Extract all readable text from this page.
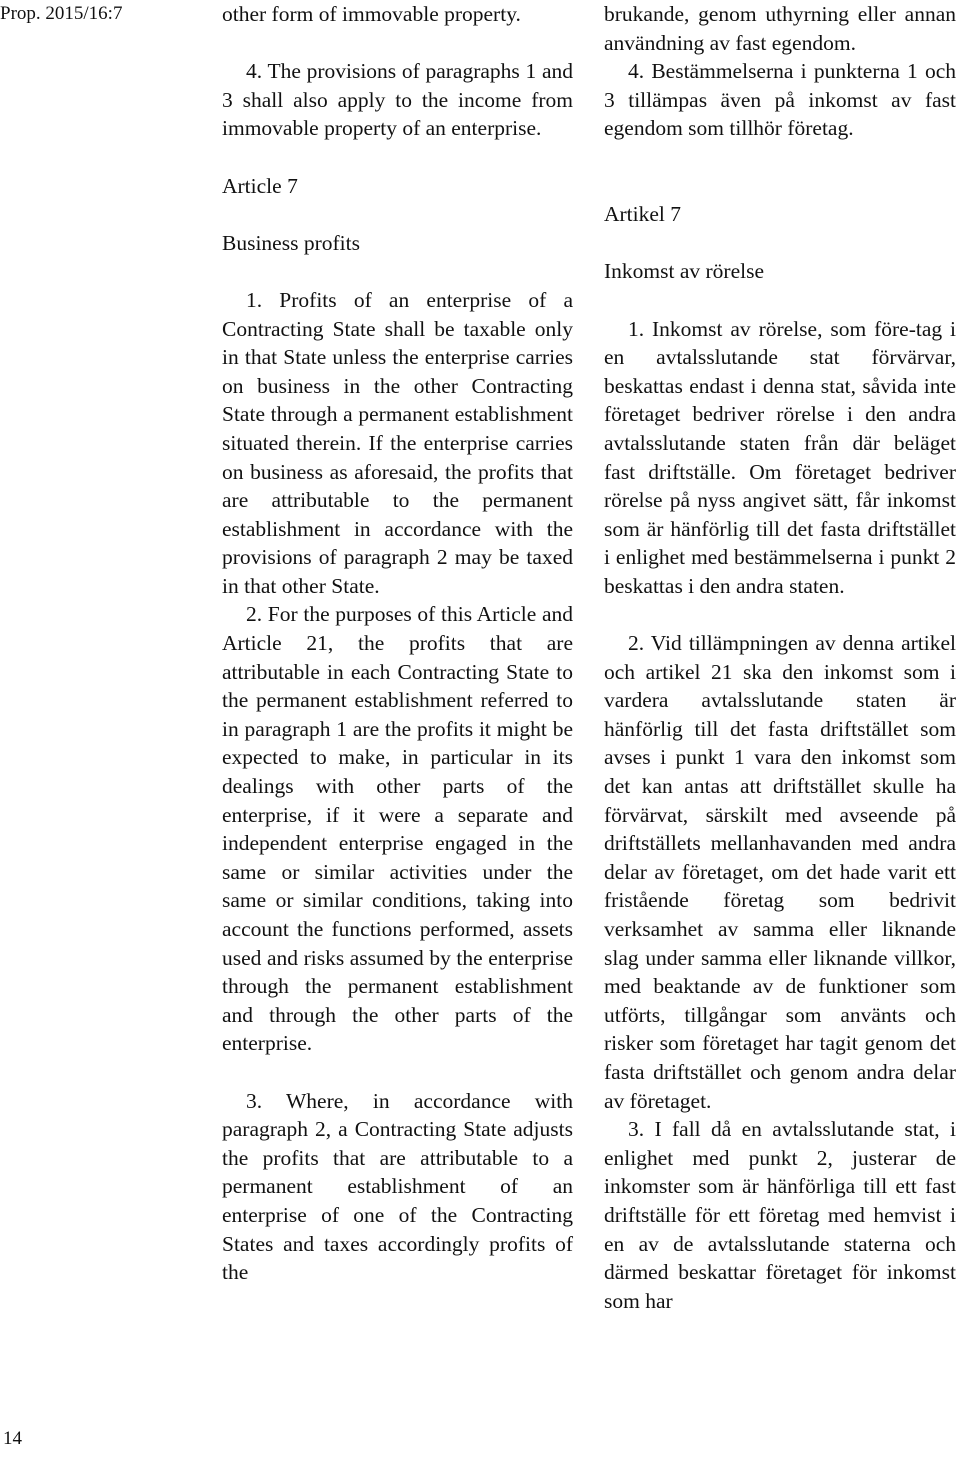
Prop. 2015/16:7
14

other form of immovable property.

4. The provisions of paragraphs 1 and 3 shall also apply to the income from immovable property of an enterprise.

Article 7

Business profits

1. Profits of an enterprise of a Contracting State shall be taxable only in that State unless the enterprise carries on business in the other Contracting State through a permanent establishment situated therein. If the enterprise carries on business as aforesaid, the profits that are attributable to the permanent establishment in accordance with the provisions of paragraph 2 may be taxed in that other State.

2. For the purposes of this Article and Article 21, the profits that are attributable in each Contracting State to the permanent establishment referred to in paragraph 1 are the profits it might be expected to make, in particular in its dealings with other parts of the enterprise, if it were a separate and independent enterprise engaged in the same or similar activities under the same or similar conditions, taking into account the functions performed, assets used and risks assumed by the enterprise through the permanent establishment and through the other parts of the enterprise.

3. Where, in accordance with paragraph 2, a Contracting State adjusts the profits that are attributable to a permanent establishment of an enterprise of one of the Contracting States and taxes accordingly profits of the

brukande, genom uthyrning eller annan användning av fast egendom.

4. Bestämmelserna i punkterna 1 och 3 tillämpas även på inkomst av fast egendom som tillhör företag.

Artikel 7

Inkomst av rörelse

1. Inkomst av rörelse, som före-tag i en avtalsslutande stat förvärvar, beskattas endast i denna stat, såvida inte företaget bedriver rörelse i den andra avtalsslutande staten från där beläget fast driftställe. Om företaget bedriver rörelse på nyss angivet sätt, får inkomst som är hänförlig till det fasta driftstället i enlighet med bestämmelserna i punkt 2 beskattas i den andra staten.

2. Vid tillämpningen av denna artikel och artikel 21 ska den inkomst som i vardera avtalsslutande staten är hänförlig till det fasta driftstället som avses i punkt 1 vara den inkomst som det kan antas att driftstället skulle ha förvärvat, särskilt med avseende på driftställets mellanhavanden med andra delar av företaget, om det hade varit ett fristående företag som bedrivit verksamhet av samma eller liknande slag under samma eller liknande villkor, med beaktande av de funktioner som utförts, tillgångar som använts och risker som företaget har tagit genom det fasta driftstället och genom andra delar av företaget.

3. I fall då en avtalsslutande stat, i enlighet med punkt 2, justerar de inkomster som är hänförliga till ett fast driftställe för ett företag med hemvist i en av de avtalsslutande staterna och därmed beskattar företaget för inkomst som har
